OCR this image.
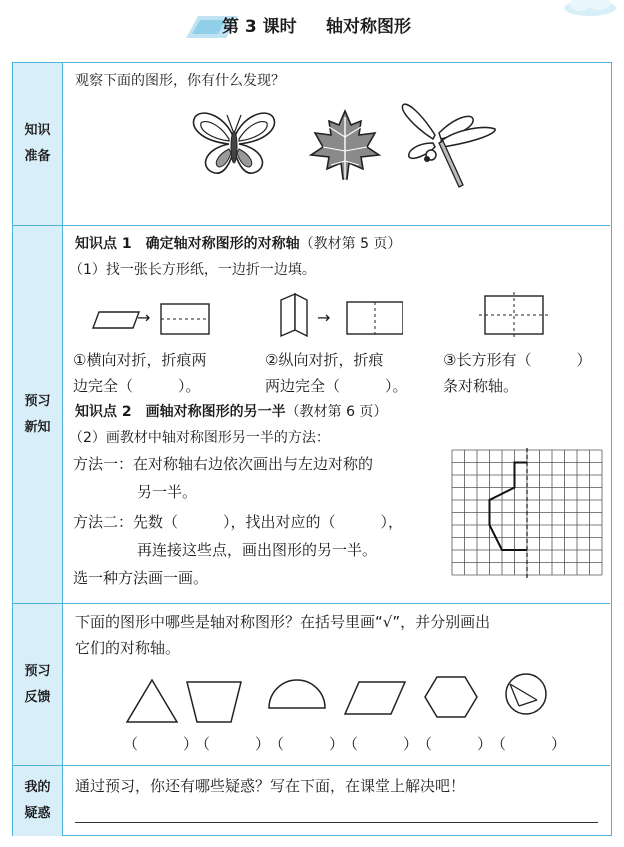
第 3 课时 轴对称图形
知识
准备
观察下面的图形，你有什么发现？
预习
新知
知识点 1　确定轴对称图形的对称轴（教材第 5 页）
（1）找一张长方形纸，一边折一边填。
→	→
①横向对折，折痕两
边完全（　　　）。
②纵向对折，折痕
两边完全（　　　）。
③长方形有（　　　）
条对称轴。
知识点 2　画轴对称图形的另一半（教材第 6 页）
（2）画教材中轴对称图形另一半的方法：
方法一：在对称轴右边依次画出与左边对称的
另一半。
方法二：先数（　　　），找出对应的（　　　），
再连接这些点，画出图形的另一半。
选一种方法画一画。
预习
反馈
下面的图形中哪些是轴对称图形？在括号里画“√”，并分别画出
它们的对称轴。
（　　　）
（　　　）
（　　　）
（　　　）
（　　　）
（　　　）
我的
疑惑
通过预习，你还有哪些疑惑？写在下面，在课堂上解决吧！
